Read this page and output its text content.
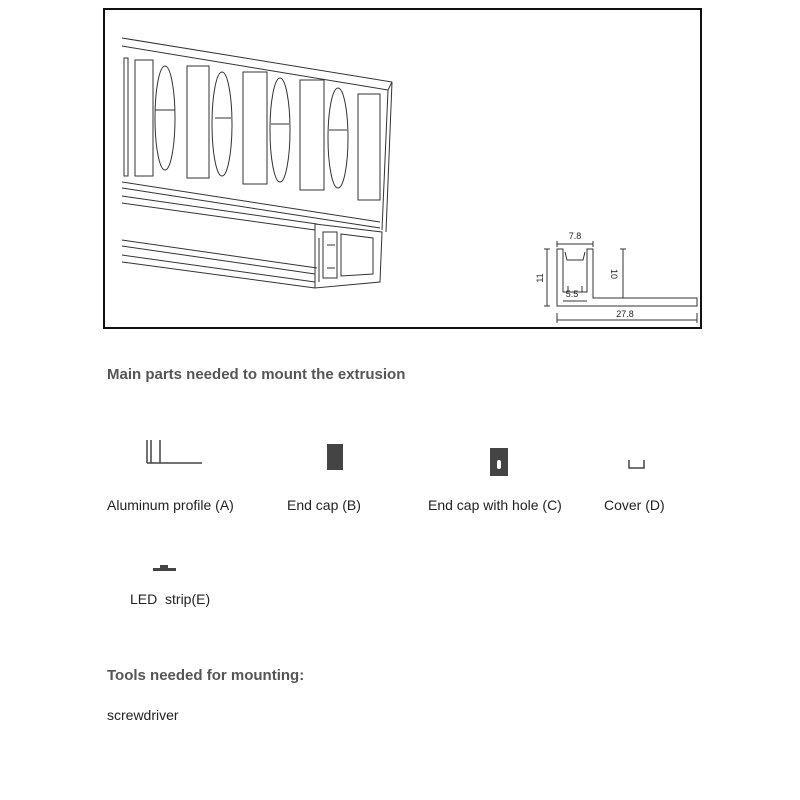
7.8
11
5.5
10
27.8
Main parts needed to mount the extrusion
Aluminum profile (A)	End cap (B)	End cap with hole (C)	Cover (D)
LED  strip(E)
Tools needed for mounting:
screwdriver
